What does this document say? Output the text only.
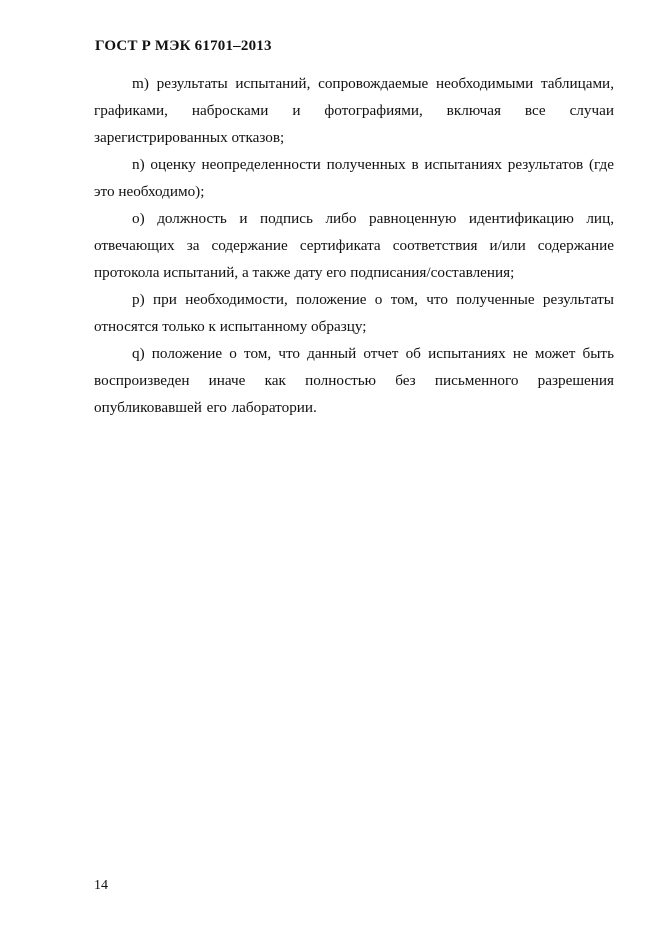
ГОСТ Р МЭК 61701–2013

m) результаты испытаний, сопровождаемые необходимыми таблицами, графиками, набросками и фотографиями, включая все случаи зарегистрированных отказов;

n) оценку неопределенности полученных в испытаниях результатов (где это необходимо);

o) должность и подпись либо равноценную идентификацию лиц, отвечающих за содержание сертификата соответствия и/или содержание протокола испытаний, а также дату его подписания/составления;

p) при необходимости, положение о том, что полученные результаты относятся только к испытанному образцу;

q) положение о том, что данный отчет об испытаниях не может быть воспроизведен иначе как полностью без письменного разрешения опубликовавшей его лаборатории.

14
